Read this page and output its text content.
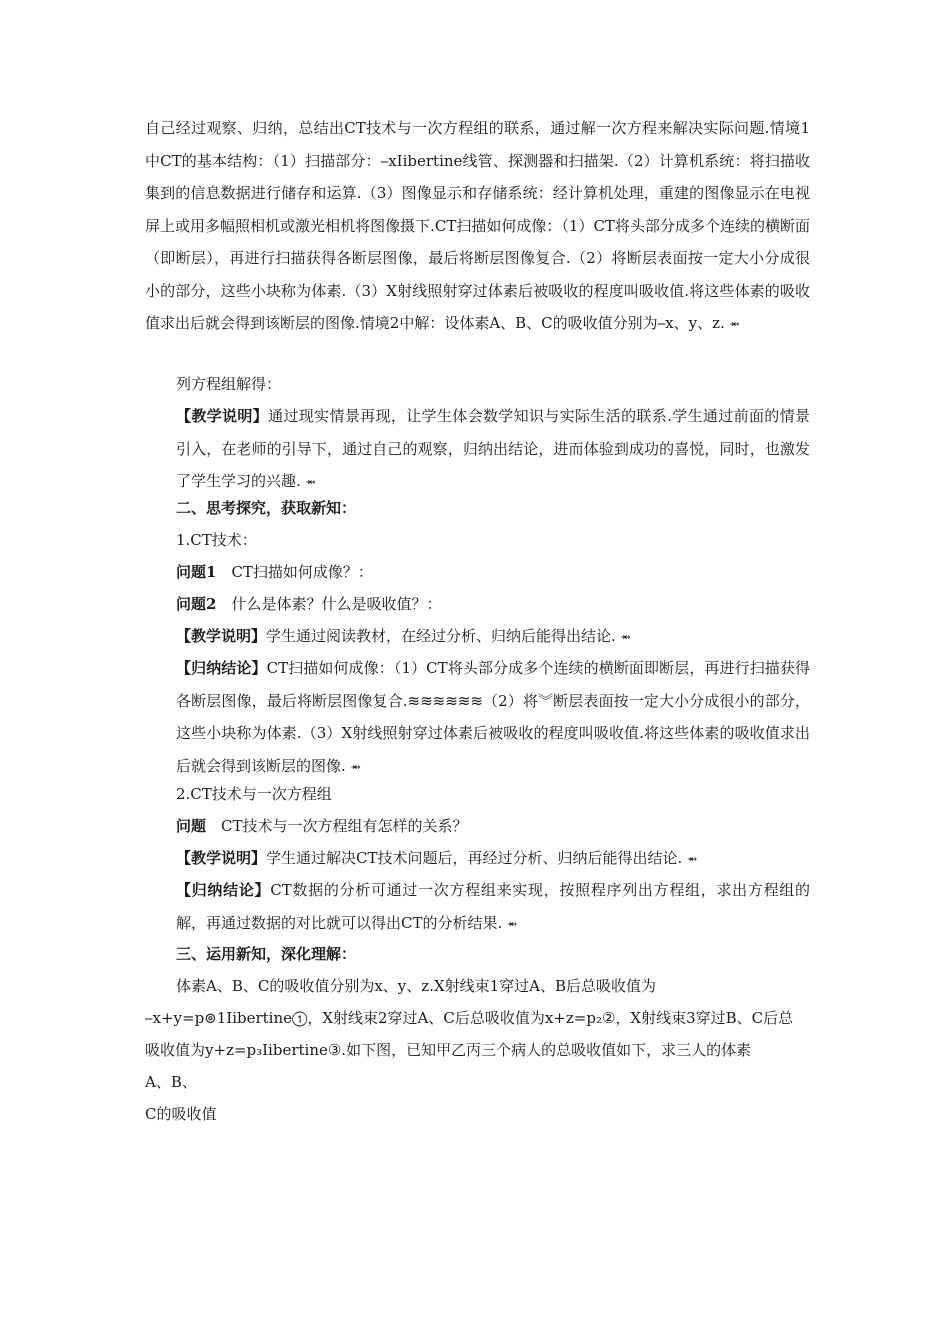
自己经过观察、归纳，总结出CT技术与一次方程组的联系，通过解一次方程来解决实际问题.情境1中CT的基本结构：（1）扫描部分：⎯xIibertine线管、探测器和扫描架.（2）计算机系统：将扫描收集到的信息数据进行储存和运算.（3）图像显示和存储系统：经计算机处理，重建的图像显示在电视屏上或用多幅照相机或激光相机将图像摄下.CT扫描如何成像：（1）CT将头部分成多个连续的横断面（即断层），再进行扫描获得各断层图像，最后将断层图像复合.（2）将断层表面按一定大小分成很小的部分，这些小块称为体素.（3）X射线照射穿过体素后被吸收的程度叫吸收值.将这些体素的吸收值求出后就会得到该断层的图像.情境2中解：设体素A、B、C的吸收值分别为⎯x、y、z. ⥇

列方程组解得：

【教学说明】通过现实情景再现，让学生体会数学知识与实际生活的联系.学生通过前面的情景引入，在老师的引导下，通过自己的观察，归纳出结论，进而体验到成功的喜悦，同时，也激发了学生学习的兴趣. ⥇

二、思考探究，获取新知：

1.CT技术：

问题1　CT扫描如何成像？：

问题2　什么是体素？什么是吸收值？：

【教学说明】学生通过阅读教材，在经过分析、归纳后能得出结论. ⥇

【归纳结论】CT扫描如何成像：（1）CT将头部分成多个连续的横断面即断层，再进行扫描获得各断层图像，最后将断层图像复合.≋≋≋≋≋≋（2）将︾断层表面按一定大小分成很小的部分，这些小块称为体素.（3）X射线照射穿过体素后被吸收的程度叫吸收值.将这些体素的吸收值求出后就会得到该断层的图像. ⥇

2.CT技术与一次方程组

问题　CT技术与一次方程组有怎样的关系？

【教学说明】学生通过解决CT技术问题后，再经过分析、归纳后能得出结论. ⥇

【归纳结论】CT数据的分析可通过一次方程组来实现，按照程序列出方程组，求出方程组的解，再通过数据的对比就可以得出CT的分析结果. ⥇

三、运用新知，深化理解：

体素A、B、C的吸收值分别为x、y、z.X射线束1穿过A、B后总吸收值为

⎯x+y=p⊚1Iibertine①，X射线束2穿过A、C后总吸收值为x+z=p₂②，X射线束3穿过B、C后总

吸收值为y+z=p₃Iibertine③.如下图，已知甲乙丙三个病人的总吸收值如下，求三人的体素

A、B、

C的吸收值
